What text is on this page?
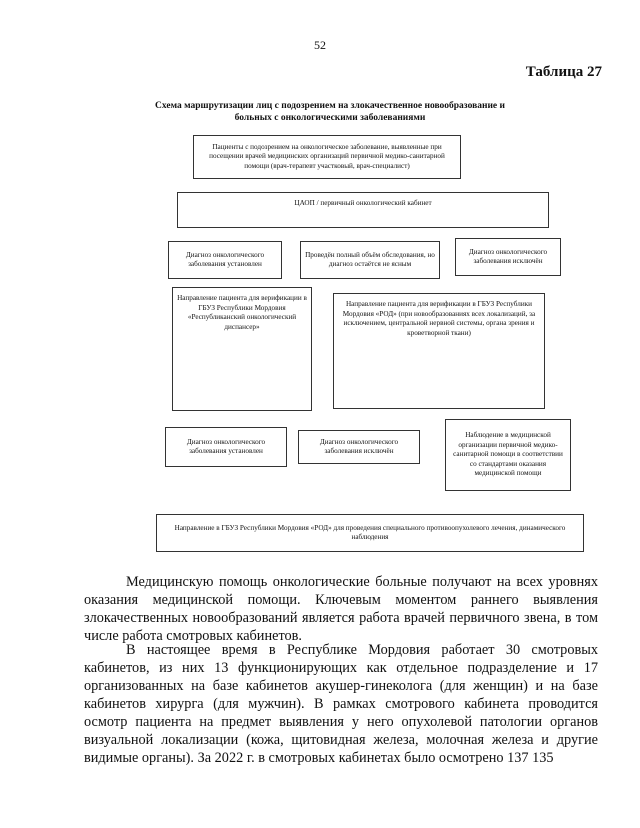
52
Таблица 27
Схема маршрутизации лиц с подозрением на злокачественное новообразование и больных с онкологическими заболеваниями
Пациенты с подозрением на онкологическое заболевание, выявленные при посещении врачей медицинских организаций первичной медико-санитарной помощи (врач-терапевт участковый, врач-специалист)
ЦАОП / первичный онкологический кабинет
Диагноз онкологического заболевания установлен
Проведён полный объём обследования, но диагноз остаётся не ясным
Диагноз онкологического заболевания исключён
Направление пациента для верификации в ГБУЗ Республики Мордовия «Республиканский онкологический диспансер»
Направление пациента для верификации в ГБУЗ Республики Мордовия «РОД» (при новообразованиях всех локализаций, за исключением, центральной нервной системы, органа зрения и кроветворной ткани)
Диагноз онкологического заболевания установлен
Диагноз онкологического заболевания исключён
Наблюдение в медицинской организации первичной медико-санитарной помощи в соответствии со стандартами оказания медицинской помощи
Направление в ГБУЗ Республики Мордовия «РОД» для проведения специального противоопухолевого лечения, динамического наблюдения
Медицинскую помощь онкологические больные получают на всех уровнях оказания медицинской помощи. Ключевым моментом раннего выявления злокачественных новообразований является работа врачей первичного звена, в том числе работа смотровых кабинетов.
В настоящее время в Республике Мордовия работает 30 смотровых кабинетов, из них 13 функционирующих как отдельное подразделение и 17 организованных на базе кабинетов акушер-гинеколога (для женщин) и на базе кабинетов хирурга (для мужчин). В рамках смотрового кабинета проводится осмотр пациента на предмет выявления у него опухолевой патологии органов визуальной локализации (кожа, щитовидная железа, молочная железа и другие видимые органы). За 2022 г. в смотровых кабинетах было осмотрено 137 135
